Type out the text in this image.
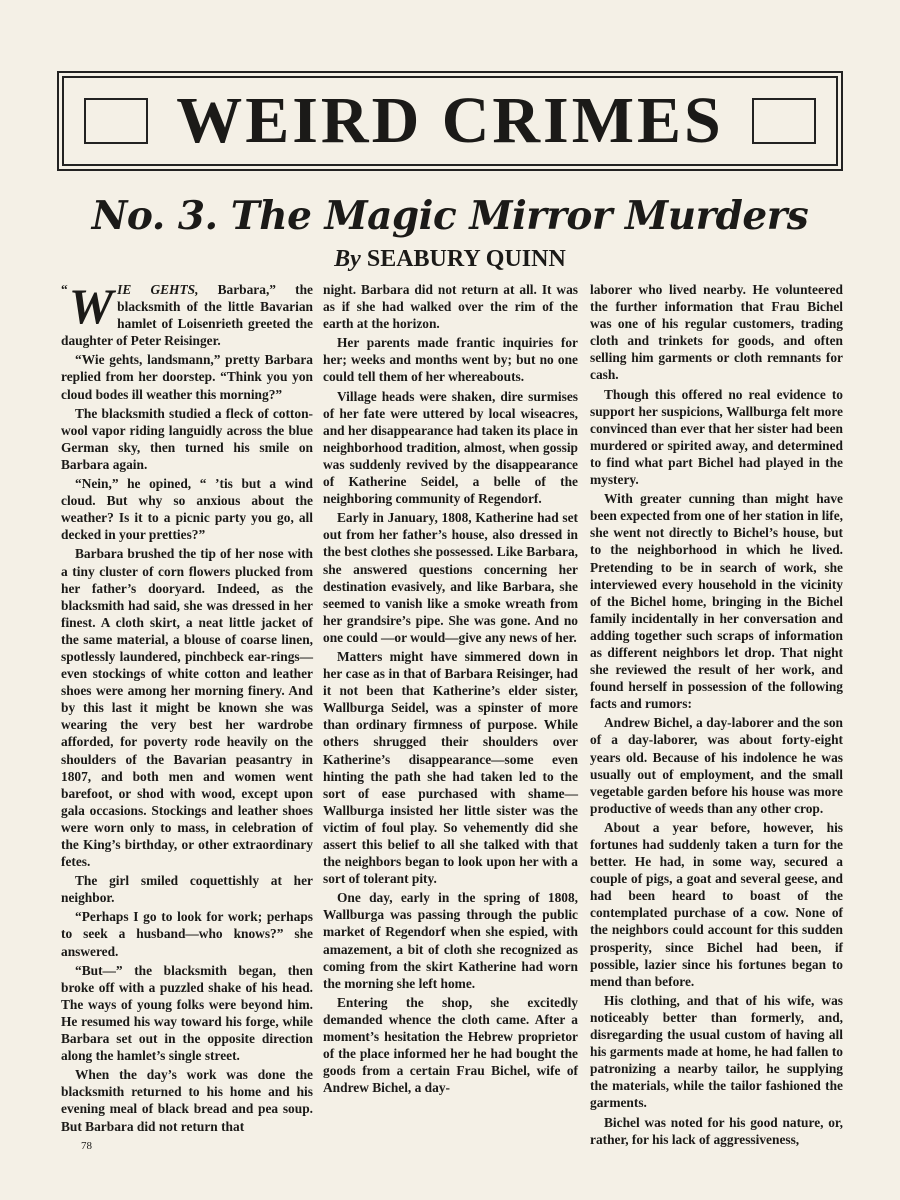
WEIRD CRIMES
No. 3. The Magic Mirror Murders
By SEABURY QUINN

“ W IE GEHTS, Barbara,” the blacksmith of the little Bavarian hamlet of Loisenrieth greeted the daughter of Peter Reisinger.

“Wie gehts, landsmann,” pretty Barbara replied from her doorstep. “Think you yon cloud bodes ill weather this morning?”

The blacksmith studied a fleck of cotton-wool vapor riding languidly across the blue German sky, then turned his smile on Barbara again.

“Nein,” he opined, “ ’tis but a wind cloud. But why so anxious about the weather? Is it to a picnic party you go, all decked in your pretties?”

Barbara brushed the tip of her nose with a tiny cluster of corn flowers plucked from her father’s dooryard. Indeed, as the blacksmith had said, she was dressed in her finest. A cloth skirt, a neat little jacket of the same material, a blouse of coarse linen, spotlessly laundered, pinchbeck ear-rings—even stockings of white cotton and leather shoes were among her morning finery. And by this last it might be known she was wearing the very best her wardrobe afforded, for poverty rode heavily on the shoulders of the Bavarian peasantry in 1807, and both men and women went barefoot, or shod with wood, except upon gala occasions. Stockings and leather shoes were worn only to mass, in celebration of the King’s birthday, or other extraordinary fetes.

The girl smiled coquettishly at her neighbor.

“Perhaps I go to look for work; perhaps to seek a husband—who knows?” she answered.

“But—” the blacksmith began, then broke off with a puzzled shake of his head. The ways of young folks were beyond him. He resumed his way toward his forge, while Barbara set out in the opposite direction along the hamlet’s single street.

When the day’s work was done the blacksmith returned to his home and his evening meal of black bread and pea soup. But Barbara did not return that

78

night. Barbara did not return at all. It was as if she had walked over the rim of the earth at the horizon.

Her parents made frantic inquiries for her; weeks and months went by; but no one could tell them of her whereabouts.

Village heads were shaken, dire surmises of her fate were uttered by local wiseacres, and her disappearance had taken its place in neighborhood tradition, almost, when gossip was suddenly revived by the disappearance of Katherine Seidel, a belle of the neighboring community of Regendorf.

Early in January, 1808, Katherine had set out from her father’s house, also dressed in the best clothes she possessed. Like Barbara, she answered questions concerning her destination evasively, and like Barbara, she seemed to vanish like a smoke wreath from her grandsire’s pipe. She was gone. And no one could —or would—give any news of her.

Matters might have simmered down in her case as in that of Barbara Reisinger, had it not been that Katherine’s elder sister, Wallburga Seidel, was a spinster of more than ordinary firmness of purpose. While others shrugged their shoulders over Katherine’s disappearance—some even hinting the path she had taken led to the sort of ease purchased with shame—Wallburga insisted her little sister was the victim of foul play. So vehemently did she assert this belief to all she talked with that the neighbors began to look upon her with a sort of tolerant pity.

One day, early in the spring of 1808, Wallburga was passing through the public market of Regendorf when she espied, with amazement, a bit of cloth she recognized as coming from the skirt Katherine had worn the morning she left home.

Entering the shop, she excitedly demanded whence the cloth came. After a moment’s hesitation the Hebrew proprietor of the place informed her he had bought the goods from a certain Frau Bichel, wife of Andrew Bichel, a day-

laborer who lived nearby. He volunteered the further information that Frau Bichel was one of his regular customers, trading cloth and trinkets for goods, and often selling him garments or cloth remnants for cash.

Though this offered no real evidence to support her suspicions, Wallburga felt more convinced than ever that her sister had been murdered or spirited away, and determined to find what part Bichel had played in the mystery.

With greater cunning than might have been expected from one of her station in life, she went not directly to Bichel’s house, but to the neighborhood in which he lived. Pretending to be in search of work, she interviewed every household in the vicinity of the Bichel home, bringing in the Bichel family incidentally in her conversation and adding together such scraps of information as different neighbors let drop. That night she reviewed the result of her work, and found herself in possession of the following facts and rumors:

Andrew Bichel, a day-laborer and the son of a day-laborer, was about forty-eight years old. Because of his indolence he was usually out of employment, and the small vegetable garden before his house was more productive of weeds than any other crop.

About a year before, however, his fortunes had suddenly taken a turn for the better. He had, in some way, secured a couple of pigs, a goat and several geese, and had been heard to boast of the contemplated purchase of a cow. None of the neighbors could account for this sudden prosperity, since Bichel had been, if possible, lazier since his fortunes began to mend than before.

His clothing, and that of his wife, was noticeably better than formerly, and, disregarding the usual custom of having all his garments made at home, he had fallen to patronizing a nearby tailor, he supplying the materials, while the tailor fashioned the garments.

Bichel was noted for his good nature, or, rather, for his lack of aggressiveness,
